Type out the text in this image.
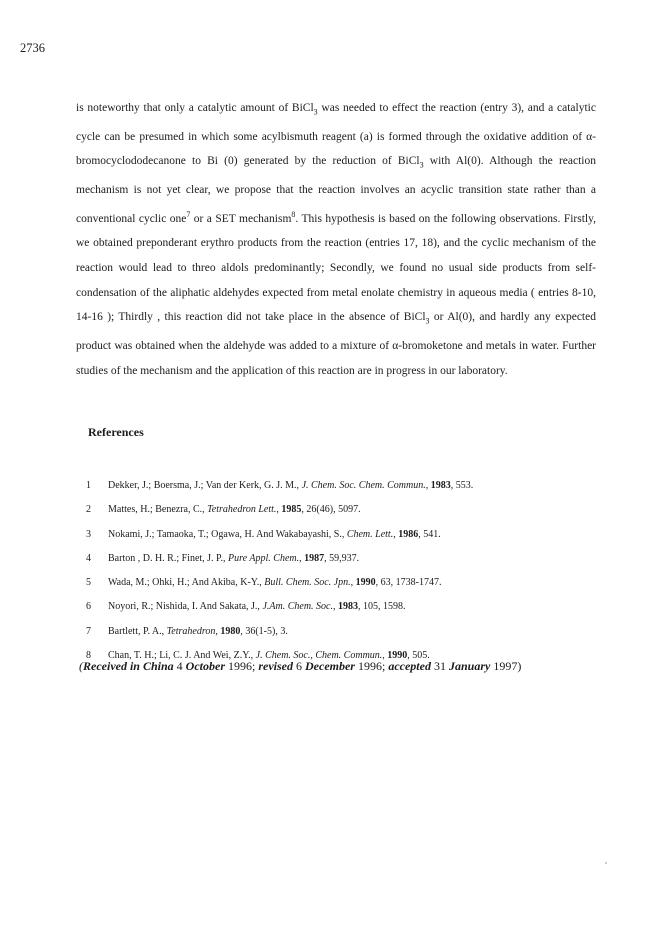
2736

is noteworthy that only a catalytic amount of BiCl$_3$ was needed to effect the reaction (entry 3), and a catalytic cycle can be presumed in which some acylbismuth reagent (a) is formed through the oxidative addition of α-bromocyclododecanone to Bi (0) generated by the reduction of BiCl$_3$ with Al(0). Although the reaction mechanism is not yet clear, we propose that the reaction involves an acyclic transition state rather than a conventional cyclic one$^7$ or a SET mechanism$^8$. This hypothesis is based on the following observations. Firstly, we obtained preponderant erythro products from the reaction (entries 17, 18), and the cyclic mechanism of the reaction would lead to threo aldols predominantly; Secondly, we found no usual side products from self-condensation of the aliphatic aldehydes expected from metal enolate chemistry in aqueous media ( entries 8-10, 14-16 ); Thirdly , this reaction did not take place in the absence of BiCl$_3$ or Al(0), and hardly any expected product was obtained when the aldehyde was added to a mixture of α-bromoketone and metals in water. Further studies of the mechanism and the application of this reaction are in progress in our laboratory.

References
1	Dekker, J.; Boersma, J.; Van der Kerk, G. J. M., J. Chem. Soc. Chem. Commun., 1983, 553.
2	Mattes, H.; Benezra, C., Tetrahedron Lett., 1985, 26(46), 5097.
3	Nokami, J.; Tamaoka, T.; Ogawa, H. And Wakabayashi, S., Chem. Lett., 1986, 541.
4	Barton , D. H. R.; Finet, J. P., Pure Appl. Chem., 1987, 59,937.
5	Wada, M.; Ohki, H.; And Akiba, K-Y., Bull. Chem. Soc. Jpn., 1990, 63, 1738-1747.
6	Noyori, R.; Nishida, I. And Sakata, J., J.Am. Chem. Soc., 1983, 105, 1598.
7	Bartlett, P. A., Tetrahedron, 1980, 36(1-5), 3.
8	Chan, T. H.; Li, C. J. And Wei, Z.Y., J. Chem. Soc., Chem. Commun., 1990, 505.
(Received in China 4 October 1996; revised 6 December 1996; accepted 31 January 1997)
